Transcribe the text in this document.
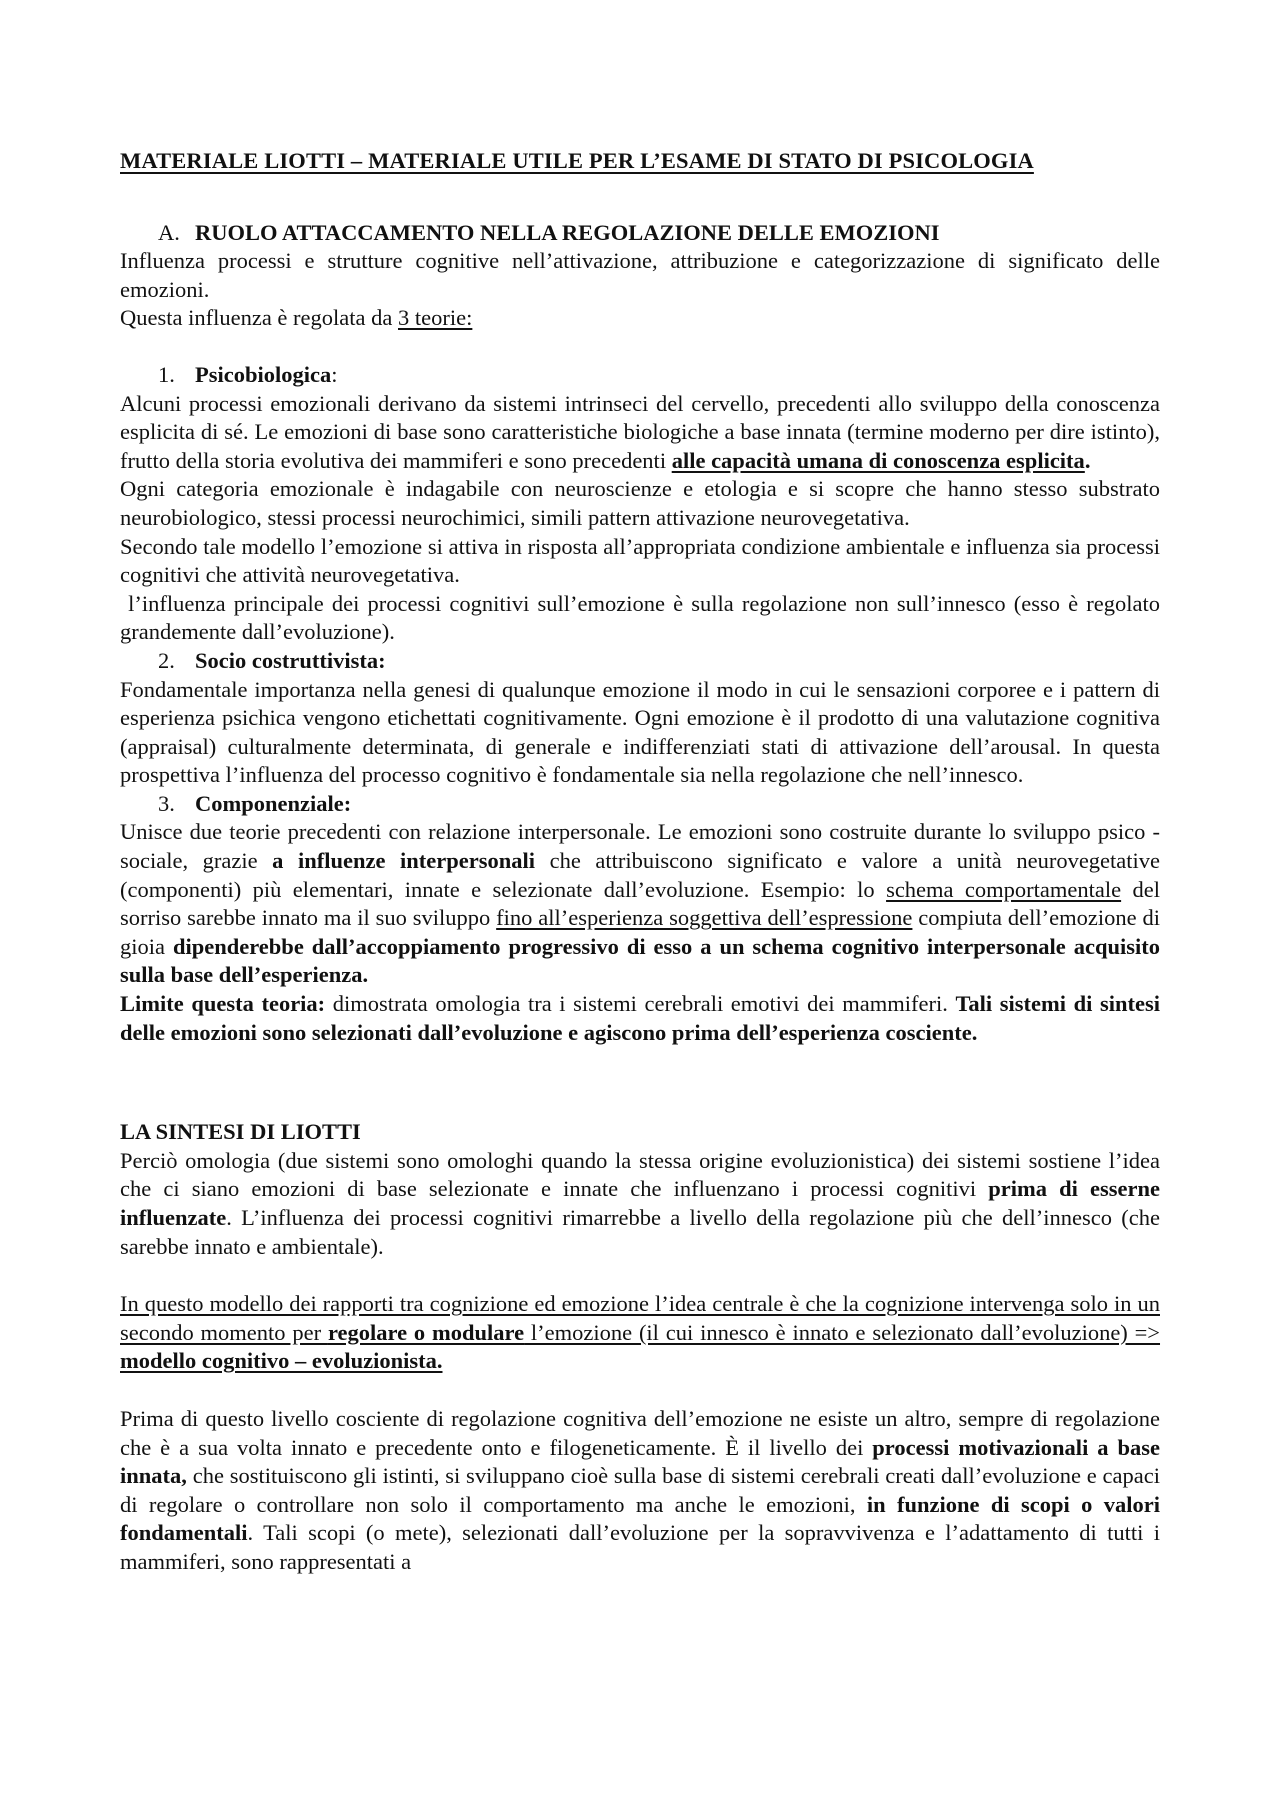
MATERIALE LIOTTI – MATERIALE UTILE PER L’ESAME DI STATO DI PSICOLOGIA

A. RUOLO ATTACCAMENTO NELLA REGOLAZIONE DELLE EMOZIONI

Influenza processi e strutture cognitive nell’attivazione, attribuzione e categorizzazione di significato delle emozioni.

Questa influenza è regolata da 3 teorie:

1. Psicobiologica:

Alcuni processi emozionali derivano da sistemi intrinseci del cervello, precedenti allo sviluppo della conoscenza esplicita di sé. Le emozioni di base sono caratteristiche biologiche a base innata (termine moderno per dire istinto), frutto della storia evolutiva dei mammiferi e sono precedenti alle capacità umana di conoscenza esplicita.

Ogni categoria emozionale è indagabile con neuroscienze e etologia e si scopre che hanno stesso substrato neurobiologico, stessi processi neurochimici, simili pattern attivazione neurovegetativa.

Secondo tale modello l’emozione si attiva in risposta all’appropriata condizione ambientale e influenza sia processi cognitivi che attività neurovegetativa.

l’influenza principale dei processi cognitivi sull’emozione è sulla regolazione non sull’innesco (esso è regolato grandemente dall’evoluzione).

2. Socio costruttivista:

Fondamentale importanza nella genesi di qualunque emozione il modo in cui le sensazioni corporee e i pattern di esperienza psichica vengono etichettati cognitivamente. Ogni emozione è il prodotto di una valutazione cognitiva (appraisal) culturalmente determinata, di generale e indifferenziati stati di attivazione dell’arousal. In questa prospettiva l’influenza del processo cognitivo è fondamentale sia nella regolazione che nell’innesco.

3. Componenziale:

Unisce due teorie precedenti con relazione interpersonale. Le emozioni sono costruite durante lo sviluppo psico - sociale, grazie a influenze interpersonali che attribuiscono significato e valore a unità neurovegetative (componenti) più elementari, innate e selezionate dall’evoluzione. Esempio: lo schema comportamentale del sorriso sarebbe innato ma il suo sviluppo fino all’esperienza soggettiva dell’espressione compiuta dell’emozione di gioia dipenderebbe dall’accoppiamento progressivo di esso a un schema cognitivo interpersonale acquisito sulla base dell’esperienza.

Limite questa teoria: dimostrata omologia tra i sistemi cerebrali emotivi dei mammiferi. Tali sistemi di sintesi delle emozioni sono selezionati dall’evoluzione e agiscono prima dell’esperienza cosciente.

LA SINTESI DI LIOTTI

Perciò omologia (due sistemi sono omologhi quando la stessa origine evoluzionistica) dei sistemi sostiene l’idea che ci siano emozioni di base selezionate e innate che influenzano i processi cognitivi prima di esserne influenzate. L’influenza dei processi cognitivi rimarrebbe a livello della regolazione più che dell’innesco (che sarebbe innato e ambientale).

In questo modello dei rapporti tra cognizione ed emozione l’idea centrale è che la cognizione intervenga solo in un secondo momento per regolare o modulare l’emozione (il cui innesco è innato e selezionato dall’evoluzione) => modello cognitivo – evoluzionista.

Prima di questo livello cosciente di regolazione cognitiva dell’emozione ne esiste un altro, sempre di regolazione che è a sua volta innato e precedente onto e filogeneticamente. È il livello dei processi motivazionali a base innata, che sostituiscono gli istinti, si sviluppano cioè sulla base di sistemi cerebrali creati dall’evoluzione e capaci di regolare o controllare non solo il comportamento ma anche le emozioni, in funzione di scopi o valori fondamentali. Tali scopi (o mete), selezionati dall’evoluzione per la sopravvivenza e l’adattamento di tutti i mammiferi, sono rappresentati a
